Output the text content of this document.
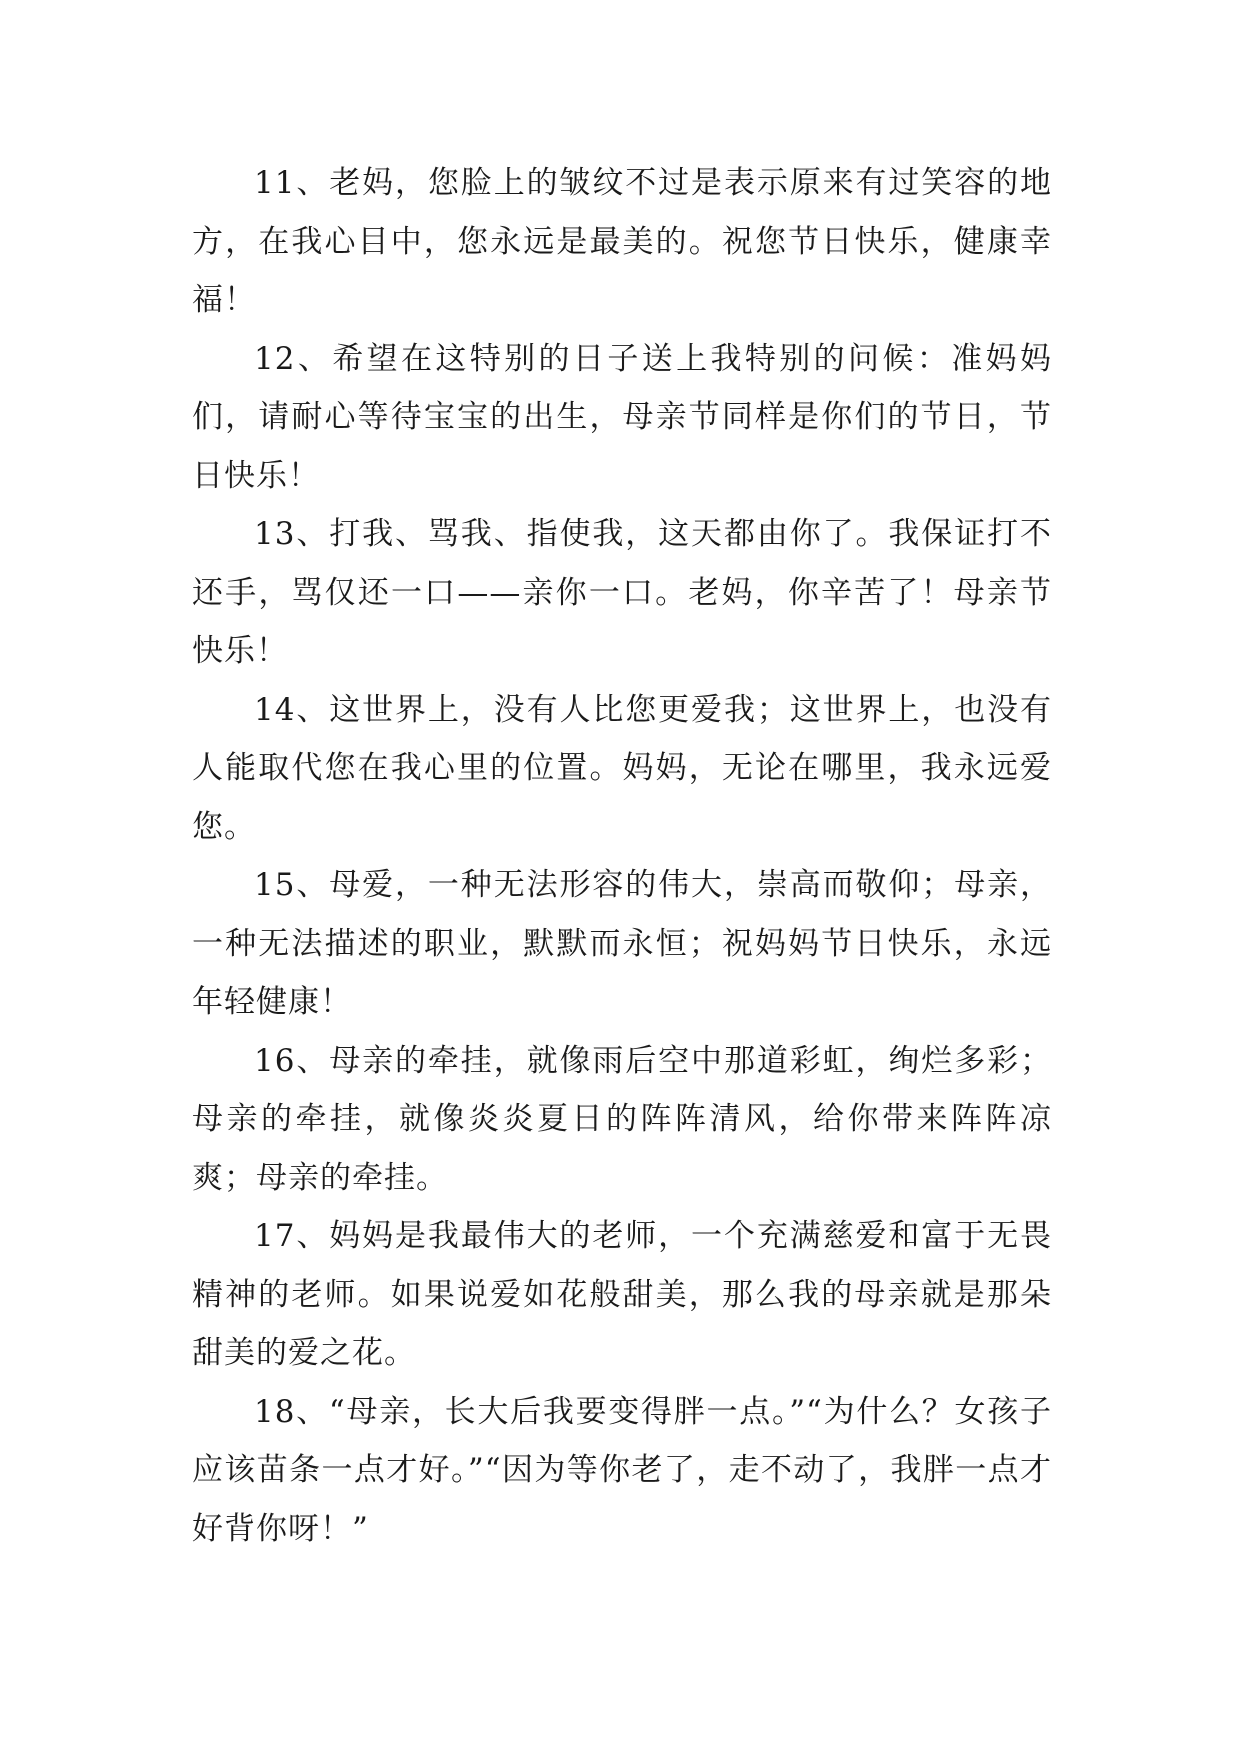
11、老妈，您脸上的皱纹不过是表示原来有过笑容的地方，在我心目中，您永远是最美的。祝您节日快乐，健康幸福！

12、希望在这特别的日子送上我特别的问候：准妈妈们，请耐心等待宝宝的出生，母亲节同样是你们的节日，节日快乐！

13、打我、骂我、指使我，这天都由你了。我保证打不还手，骂仅还一口——亲你一口。老妈，你辛苦了！母亲节快乐！

14、这世界上，没有人比您更爱我；这世界上，也没有人能取代您在我心里的位置。妈妈，无论在哪里，我永远爱您。

15、母爱，一种无法形容的伟大，崇高而敬仰；母亲，一种无法描述的职业，默默而永恒；祝妈妈节日快乐，永远年轻健康！

16、母亲的牵挂，就像雨后空中那道彩虹，绚烂多彩；母亲的牵挂，就像炎炎夏日的阵阵清风，给你带来阵阵凉爽；母亲的牵挂。

17、妈妈是我最伟大的老师，一个充满慈爱和富于无畏精神的老师。如果说爱如花般甜美，那么我的母亲就是那朵甜美的爱之花。

18、“母亲，长大后我要变得胖一点。”“为什么？女孩子应该苗条一点才好。”“因为等你老了，走不动了，我胖一点才好背你呀！”
